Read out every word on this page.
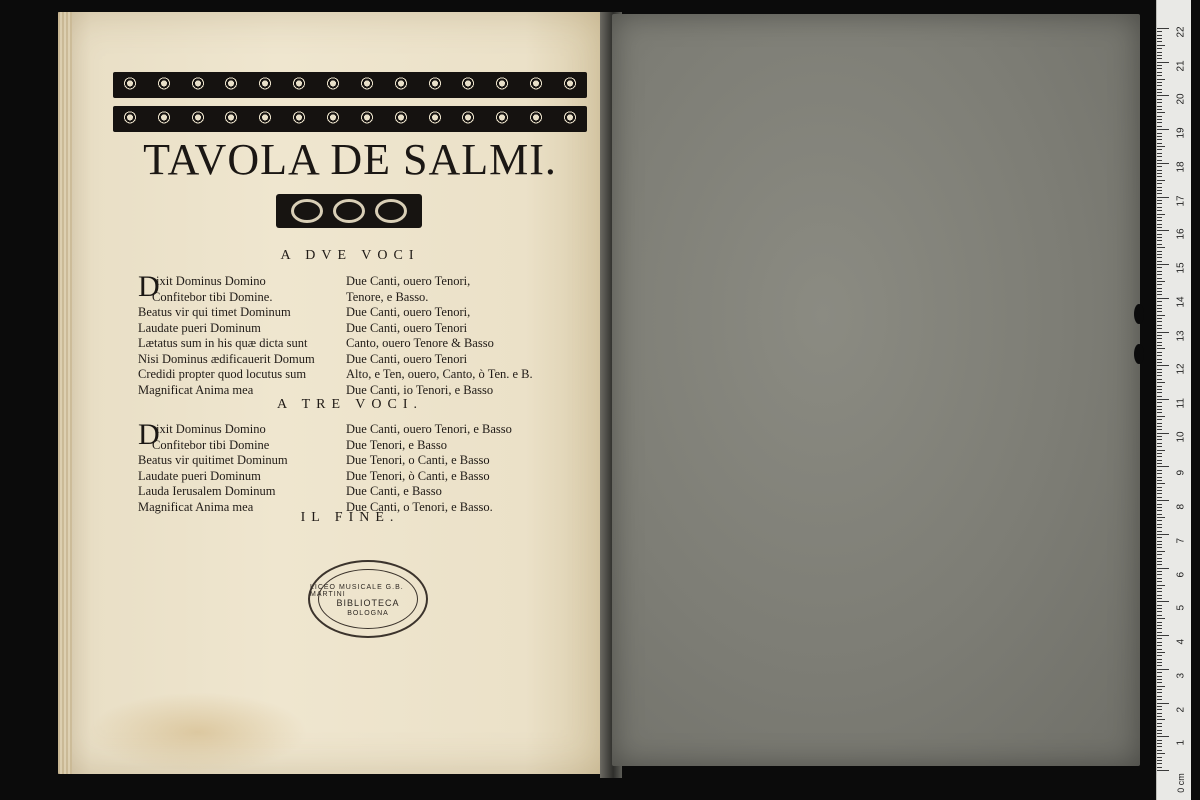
TAVOLA DE SALMI.
A DVE VOCI
D
ixit Dominus Domino	Due Canti, ouero Tenori,
Confitebor tibi Domine.	Tenore, e Basso.
Beatus vir qui timet Dominum	Due Canti, ouero Tenori,
Laudate pueri Dominum	Due Canti, ouero Tenori
Lætatus sum in his quæ dicta sunt	Canto, ouero Tenore & Basso
Nisi Dominus ædificauerit Domum	Due Canti, ouero Tenori
Credidi propter quod locutus sum	Alto, e Ten, ouero, Canto, ò Ten. e B.
Magnificat Anima mea	Due Canti, io Tenori, e Basso
A TRE VOCI.
D
ixit Dominus Domino	Due Canti, ouero Tenori, e Basso
Confitebor tibi Domine	Due Tenori, e Basso
Beatus vir quitimet Dominum	Due Tenori, o Canti, e Basso
Laudate pueri Dominum	Due Tenori, ò Canti, e Basso
Lauda Ierusalem Dominum	Due Canti, e Basso
Magnificat Anima mea	Due Canti, o Tenori, e Basso.
IL FINE.
LICEO MUSICALE G.B. MARTINI
BIBLIOTECA
BOLOGNA
0 cm
1
2
3
4
5
6
7
8
9
10
11
12
13
14
15
16
17
18
19
20
21
22
